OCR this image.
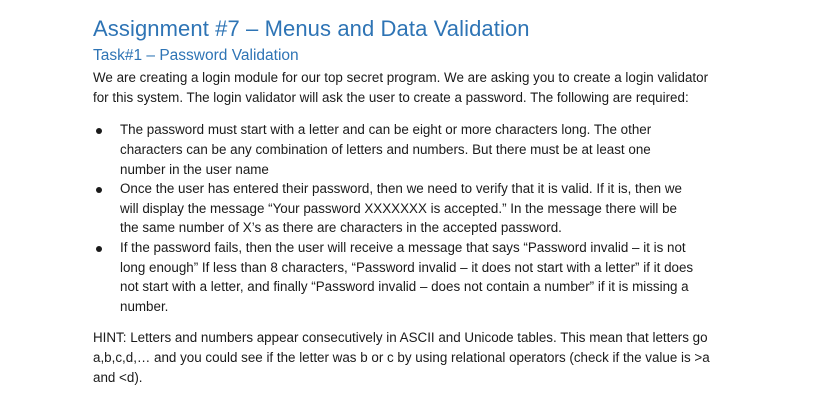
Assignment #7 – Menus and Data Validation
Task#1 – Password Validation

We are creating a login module for our top secret program. We are asking you to create a login validator for this system. The login validator will ask the user to create a password. The following are required:

The password must start with a letter and can be eight or more characters long. The other characters can be any combination of letters and numbers. But there must be at least one number in the user name
Once the user has entered their password, then we need to verify that it is valid. If it is, then we will display the message “Your password XXXXXXX is accepted.” In the message there will be the same number of X’s as there are characters in the accepted password.
If the password fails, then the user will receive a message that says “Password invalid – it is not long enough” If less than 8 characters, “Password invalid – it does not start with a letter” if it does not start with a letter, and finally “Password invalid – does not contain a number” if it is missing a number.

HINT: Letters and numbers appear consecutively in ASCII and Unicode tables. This mean that letters go a,b,c,d,… and you could see if the letter was b or c by using relational operators (check if the value is >a and <d).
